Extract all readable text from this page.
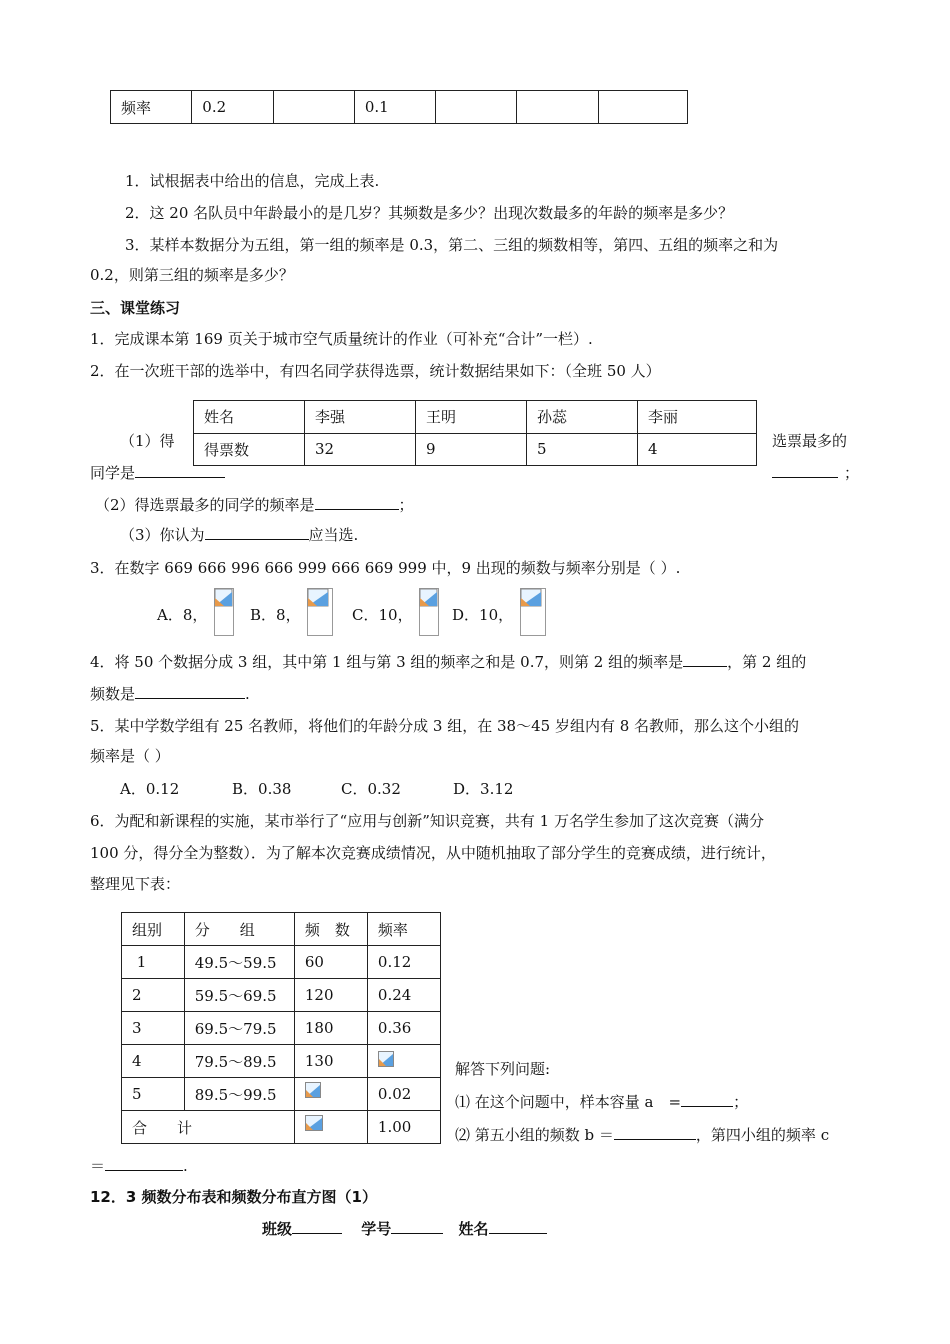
频率	0.2		0.1			
1．试根据表中给出的信息，完成上表.
2．这 20 名队员中年龄最小的是几岁？其频数是多少？出现次数最多的年龄的频率是多少？
3．某样本数据分为五组，第一组的频率是 0.3，第二、三组的频数相等，第四、五组的频率之和为
0.2，则第三组的频率是多少？
三、课堂练习
1．完成课本第 169 页关于城市空气质量统计的作业（可补充“合计”一栏）.
2．在一次班干部的选举中，有四名同学获得选票，统计数据结果如下：（全班 50 人）
姓名	李强	王明	孙蕊	李丽
得票数	32	9	5	4
（1）得	选票最多的
同学是	；
（2）得选票最多的同学的频率是	；
（3）你认为	应当选.
3．在数字 669 666 996 666 999 666 669 999 中，9 出现的频数与频率分别是（ ）.
A．8，	B．8，	C．10，	D．10，
4．将 50 个数据分成 3 组，其中第 1 组与第 3 组的频率之和是 0.7，则第 2 组的频率是	，第 2 组的
频数是	.
5．某中学数学组有 25 名教师，将他们的年龄分成 3 组，在 38～45 岁组内有 8 名教师，那么这个小组的
频率是（ ）
A．0.12	B．0.38	C．0.32	D．3.12
6．为配和新课程的实施，某市举行了“应用与创新”知识竞赛，共有 1 万名学生参加了这次竞赛（满分
100 分，得分全为整数）．为了解本次竞赛成绩情况，从中随机抽取了部分学生的竞赛成绩，进行统计，
整理见下表：
组别	分　　组	频　数	频率
1	49.5～59.5	60	0.12
2	59.5～69.5	120	0.24
3	69.5～79.5	180	0.36
4	79.5～89.5	130	
5	89.5～99.5		0.02
合　　计			1.00
解答下列问题:
⑴ 在这个问题中，样本容量 a　=	；
⑵ 第五小组的频数 b ＝	，第四小组的频率 c
＝	.
12．3 频数分布表和频数分布直方图（1）
班级	学号	姓名
